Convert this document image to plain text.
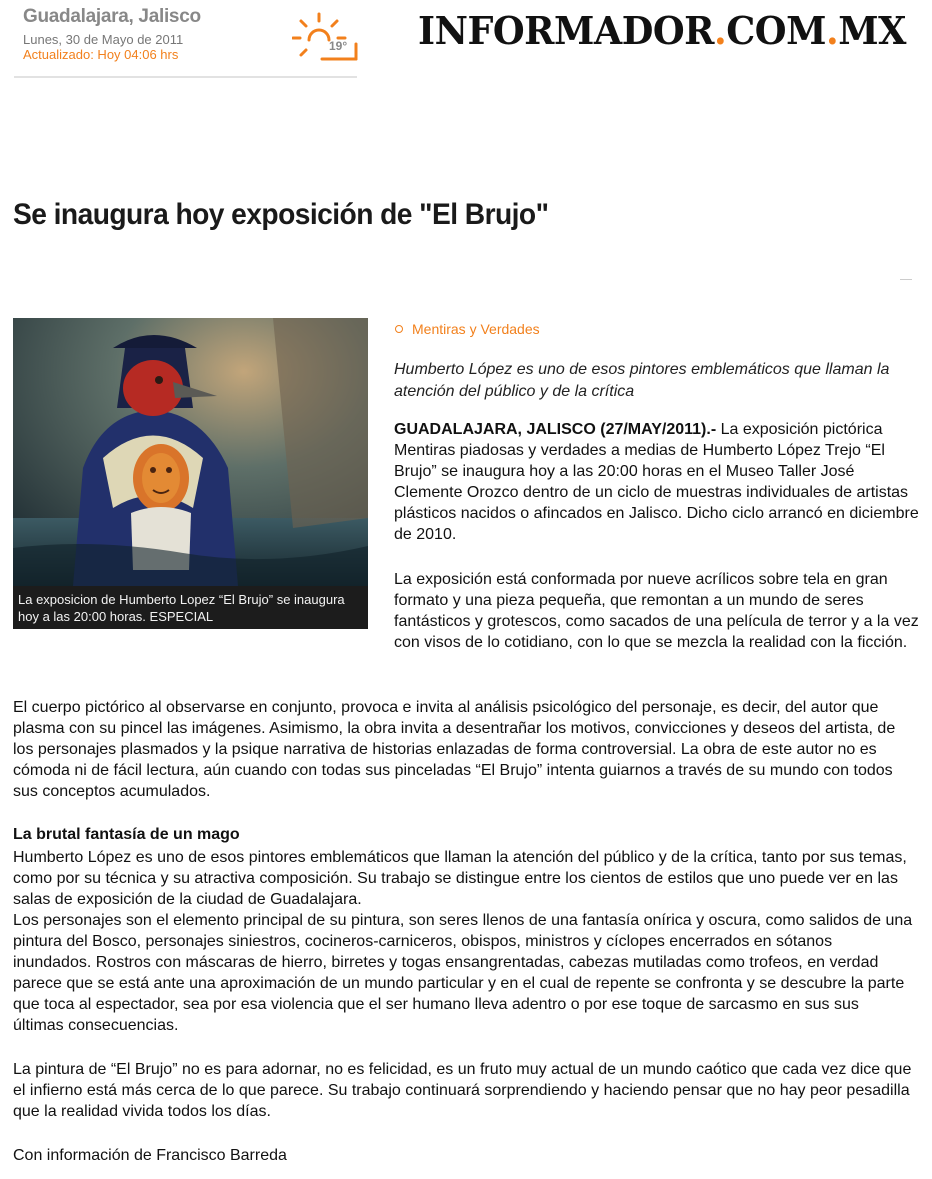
Guadalajara, Jalisco
Lunes, 30 de Mayo de 2011
Actualizado: Hoy 04:06 hrs
19° INFORMADOR.COM.MX
Se inaugura hoy exposición de "El Brujo"
La exposicion de Humberto Lopez “El Brujo” se inaugura hoy a las 20:00 horas. ESPECIAL
Mentiras y Verdades

Humberto López es uno de esos pintores emblemáticos que llaman la atención del público y de la crítica

GUADALAJARA, JALISCO (27/MAY/2011).- La exposición pictórica Mentiras piadosas y verdades a medias de Humberto López Trejo “El Brujo” se inaugura hoy a las 20:00 horas en el Museo Taller José Clemente Orozco dentro de un ciclo de muestras individuales de artistas plásticos nacidos o afincados en Jalisco. Dicho ciclo arrancó en diciembre de 2010.

La exposición está conformada por nueve acrílicos sobre tela en gran formato y una pieza pequeña, que remontan a un mundo de seres fantásticos y grotescos, como sacados de una película de terror y a la vez con visos de lo cotidiano, con lo que se mezcla la realidad con la ficción.

El cuerpo pictórico al observarse en conjunto, provoca e invita al análisis psicológico del personaje, es decir, del autor que plasma con su pincel las imágenes. Asimismo, la obra invita a desentrañar los motivos, convicciones y deseos del artista, de los personajes plasmados y la psique narrativa de historias enlazadas de forma controversial. La obra de este autor no es cómoda ni de fácil lectura, aún cuando con todas sus pinceladas “El Brujo” intenta guiarnos a través de su mundo con todos sus conceptos acumulados.

La brutal fantasía de un mago

Humberto López es uno de esos pintores emblemáticos que llaman la atención del público y de la crítica, tanto por sus temas, como por su técnica y su atractiva composición. Su trabajo se distingue entre los cientos de estilos que uno puede ver en las salas de exposición de la ciudad de Guadalajara.

Los personajes son el elemento principal de su pintura, son seres llenos de una fantasía onírica y oscura, como salidos de una pintura del Bosco, personajes siniestros, cocineros-carniceros, obispos, ministros y cíclopes encerrados en sótanos inundados. Rostros con máscaras de hierro, birretes y togas ensangrentadas, cabezas mutiladas como trofeos, en verdad parece que se está ante una aproximación de un mundo particular y en el cual de repente se confronta y se descubre la parte que toca al espectador, sea por esa violencia que el ser humano lleva adentro o por ese toque de sarcasmo en sus sus últimas consecuencias.

La pintura de “El Brujo” no es para adornar, no es felicidad, es un fruto muy actual de un mundo caótico que cada vez dice que el infierno está más cerca de lo que parece. Su trabajo continuará sorprendiendo y haciendo pensar que no hay peor pesadilla que la realidad vivida todos los días.

Con información de Francisco Barreda
